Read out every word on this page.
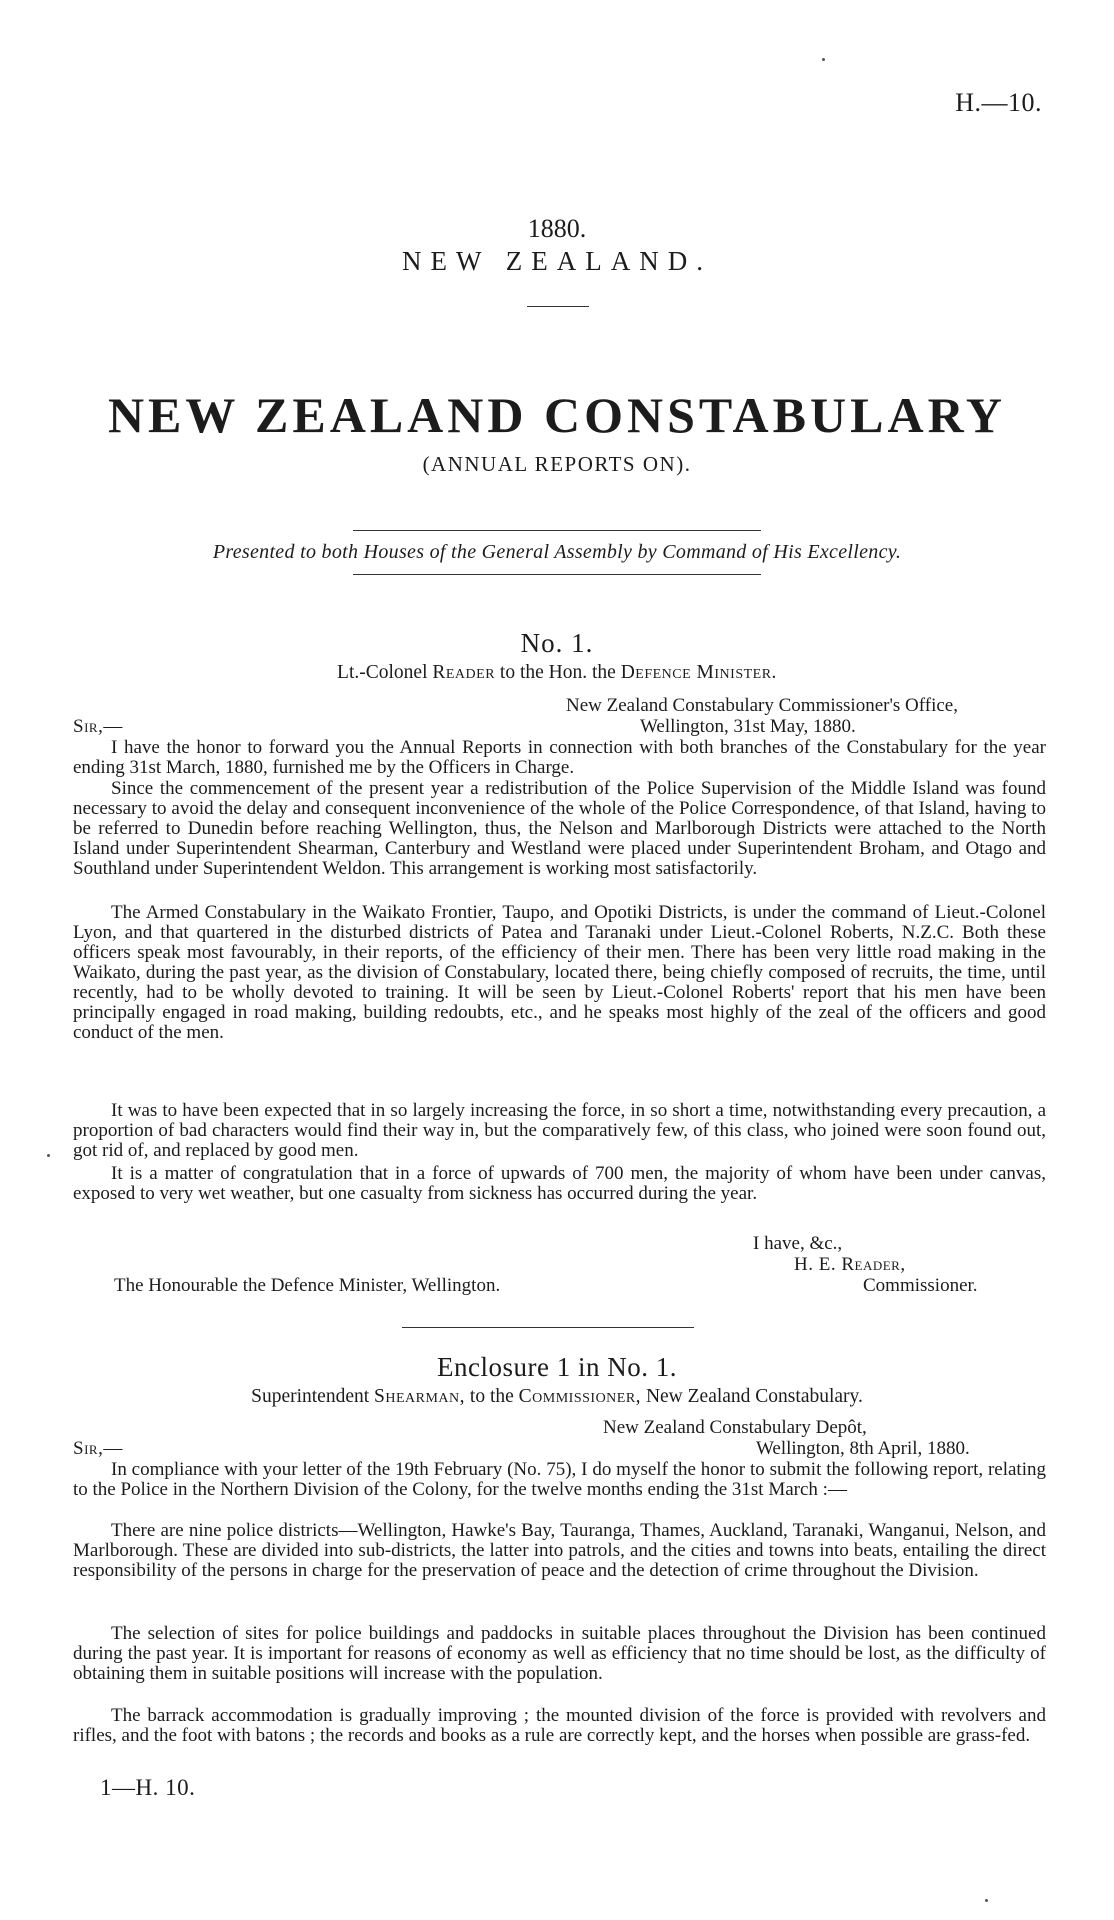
H.—10.
1880.
NEW ZEALAND.
NEW ZEALAND CONSTABULARY
(ANNUAL REPORTS ON).
Presented to both Houses of the General Assembly by Command of His Excellency.
No. 1.
Lt.-Colonel Reader to the Hon. the Defence Minister.
New Zealand Constabulary Commissioner's Office,
Sir,—	Wellington, 31st May, 1880.
I have the honor to forward you the Annual Reports in connection with both branches of the Constabulary for the year ending 31st March, 1880, furnished me by the Officers in Charge.
Since the commencement of the present year a redistribution of the Police Supervision of the Middle Island was found necessary to avoid the delay and consequent inconvenience of the whole of the Police Correspondence, of that Island, having to be referred to Dunedin before reaching Wellington, thus, the Nelson and Marlborough Districts were attached to the North Island under Superintendent Shearman, Canterbury and Westland were placed under Superintendent Broham, and Otago and Southland under Superintendent Weldon. This arrangement is working most satisfactorily.
The Armed Constabulary in the Waikato Frontier, Taupo, and Opotiki Districts, is under the command of Lieut.-Colonel Lyon, and that quartered in the disturbed districts of Patea and Taranaki under Lieut.-Colonel Roberts, N.Z.C. Both these officers speak most favourably, in their reports, of the efficiency of their men. There has been very little road making in the Waikato, during the past year, as the division of Constabulary, located there, being chiefly composed of recruits, the time, until recently, had to be wholly devoted to training. It will be seen by Lieut.-Colonel Roberts' report that his men have been principally engaged in road making, building redoubts, etc., and he speaks most highly of the zeal of the officers and good conduct of the men.
It was to have been expected that in so largely increasing the force, in so short a time, notwithstanding every precaution, a proportion of bad characters would find their way in, but the comparatively few, of this class, who joined were soon found out, got rid of, and replaced by good men.
It is a matter of congratulation that in a force of upwards of 700 men, the majority of whom have been under canvas, exposed to very wet weather, but one casualty from sickness has occurred during the year.
I have, &c.,
H. E. Reader,
The Honourable the Defence Minister, Wellington.	Commissioner.
Enclosure 1 in No. 1.
Superintendent Shearman, to the Commissioner, New Zealand Constabulary.
New Zealand Constabulary Depôt,
Sir,—	Wellington, 8th April, 1880.
In compliance with your letter of the 19th February (No. 75), I do myself the honor to submit the following report, relating to the Police in the Northern Division of the Colony, for the twelve months ending the 31st March :—
There are nine police districts—Wellington, Hawke's Bay, Tauranga, Thames, Auckland, Taranaki, Wanganui, Nelson, and Marlborough. These are divided into sub-districts, the latter into patrols, and the cities and towns into beats, entailing the direct responsibility of the persons in charge for the preservation of peace and the detection of crime throughout the Division.
The selection of sites for police buildings and paddocks in suitable places throughout the Division has been continued during the past year. It is important for reasons of economy as well as efficiency that no time should be lost, as the difficulty of obtaining them in suitable positions will increase with the population.
The barrack accommodation is gradually improving ; the mounted division of the force is provided with revolvers and rifles, and the foot with batons ; the records and books as a rule are correctly kept, and the horses when possible are grass-fed.
1—H. 10.
